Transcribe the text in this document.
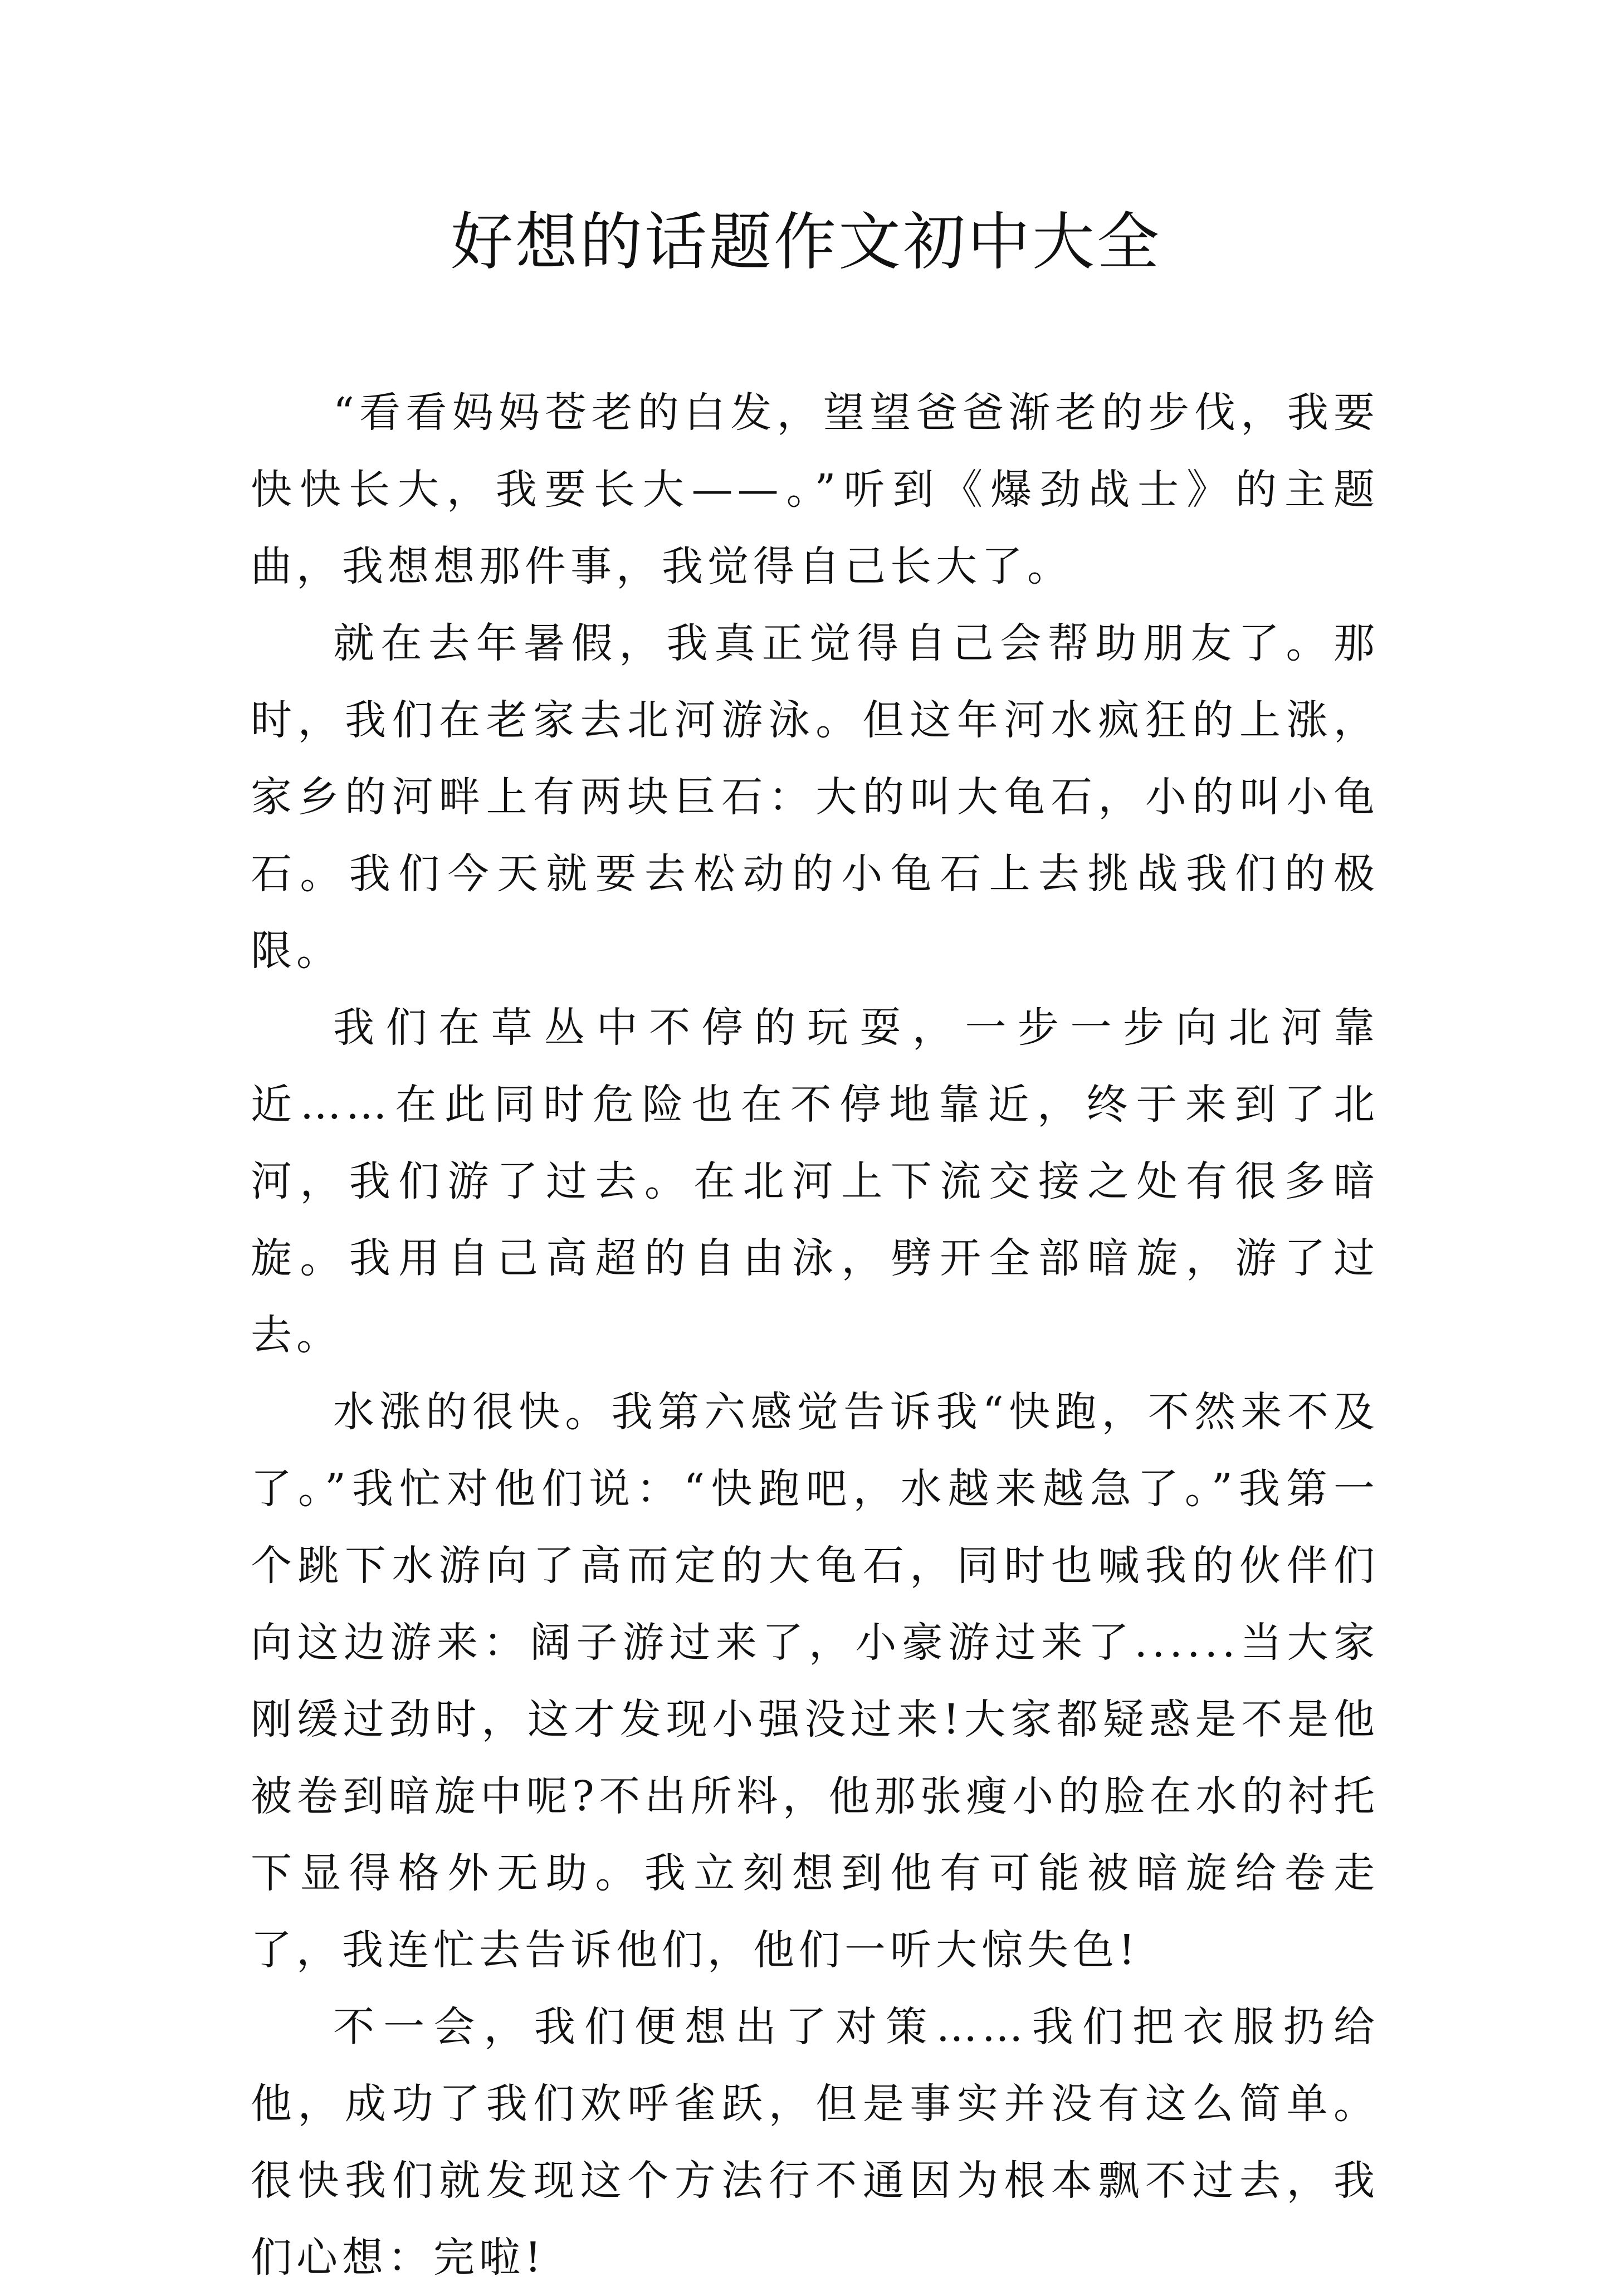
好想的话题作文初中大全

“看看妈妈苍老的白发，望望爸爸渐老的步伐，我要快快长大，我要长大——。”听到《爆劲战士》的主题曲，我想想那件事，我觉得自己长大了。

就在去年暑假，我真正觉得自己会帮助朋友了。那时，我们在老家去北河游泳。但这年河水疯狂的上涨，家乡的河畔上有两块巨石：大的叫大龟石，小的叫小龟石。我们今天就要去松动的小龟石上去挑战我们的极限。

我们在草丛中不停的玩耍，一步一步向北河靠近……在此同时危险也在不停地靠近，终于来到了北河，我们游了过去。在北河上下流交接之处有很多暗旋。我用自己高超的自由泳，劈开全部暗旋，游了过去。

水涨的很快。我第六感觉告诉我“快跑，不然来不及了。”我忙对他们说：“快跑吧，水越来越急了。”我第一个跳下水游向了高而定的大龟石，同时也喊我的伙伴们向这边游来：阔子游过来了，小豪游过来了......当大家刚缓过劲时，这才发现小强没过来!大家都疑惑是不是他被卷到暗旋中呢?不出所料，他那张瘦小的脸在水的衬托下显得格外无助。我立刻想到他有可能被暗旋给卷走了，我连忙去告诉他们，他们一听大惊失色!

不一会，我们便想出了对策……我们把衣服扔给他，成功了我们欢呼雀跃，但是事实并没有这么简单。很快我们就发现这个方法行不通因为根本飘不过去，我们心想：完啦!
